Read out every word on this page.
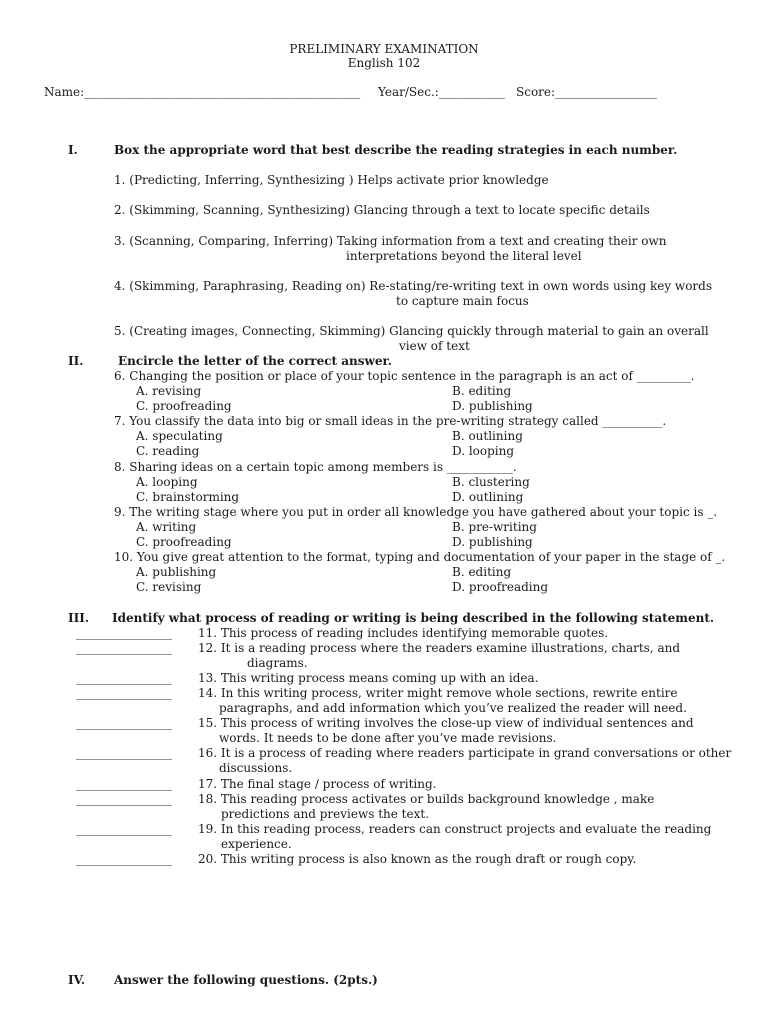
PRELIMINARY EXAMINATION
English 102
Name:______________________________________________ Year/Sec.:___________ Score:_________________
I.	Box the appropriate word that best describe the reading strategies in each number.
1. (Predicting, Inferring, Synthesizing ) Helps activate prior knowledge
2. (Skimming, Scanning, Synthesizing) Glancing through a text to locate specific details
3. (Scanning, Comparing, Inferring) Taking information from a text and creating their own
interpretations beyond the literal level
4. (Skimming, Paraphrasing, Reading on) Re-stating/re-writing text in own words using key words
to capture main focus
5. (Creating images, Connecting, Skimming) Glancing quickly through material to gain an overall
view of text
II.	Encircle the letter of the correct answer.
6. Changing the position or place of your topic sentence in the paragraph is an act of _________.
A. revising	B. editing
C. proofreading	D. publishing
7. You classify the data into big or small ideas in the pre-writing strategy called __________.
A. speculating	B. outlining
C. reading	D. looping
8. Sharing ideas on a certain topic among members is ___________.
A. looping	B. clustering
C. brainstorming	D. outlining
9. The writing stage where you put in order all knowledge you have gathered about your topic is _.
A. writing	B. pre-writing
C. proofreading	D. publishing
10. You give great attention to the format, typing and documentation of your paper in the stage of _.
A. publishing	B. editing
C. revising	D. proofreading
III. Identify what process of reading or writing is being described in the following statement.
________________ 11. This process of reading includes identifying memorable quotes.
________________ 12. It is a reading process where the readers examine illustrations, charts, and
diagrams.
________________ 13. This writing process means coming up with an idea.
________________ 14. In this writing process, writer might remove whole sections, rewrite entire
paragraphs, and add information which you’ve realized the reader will need.
________________ 15. This process of writing involves the close-up view of individual sentences and
words. It needs to be done after you’ve made revisions.
________________ 16. It is a process of reading where readers participate in grand conversations or other
discussions.
________________ 17. The final stage / process of writing.
________________ 18. This reading process activates or builds background knowledge , make
predictions and previews the text.
________________ 19. In this reading process, readers can construct projects and evaluate the reading
experience.
________________ 20. This writing process is also known as the rough draft or rough copy.
IV. Answer the following questions. (2pts.)
